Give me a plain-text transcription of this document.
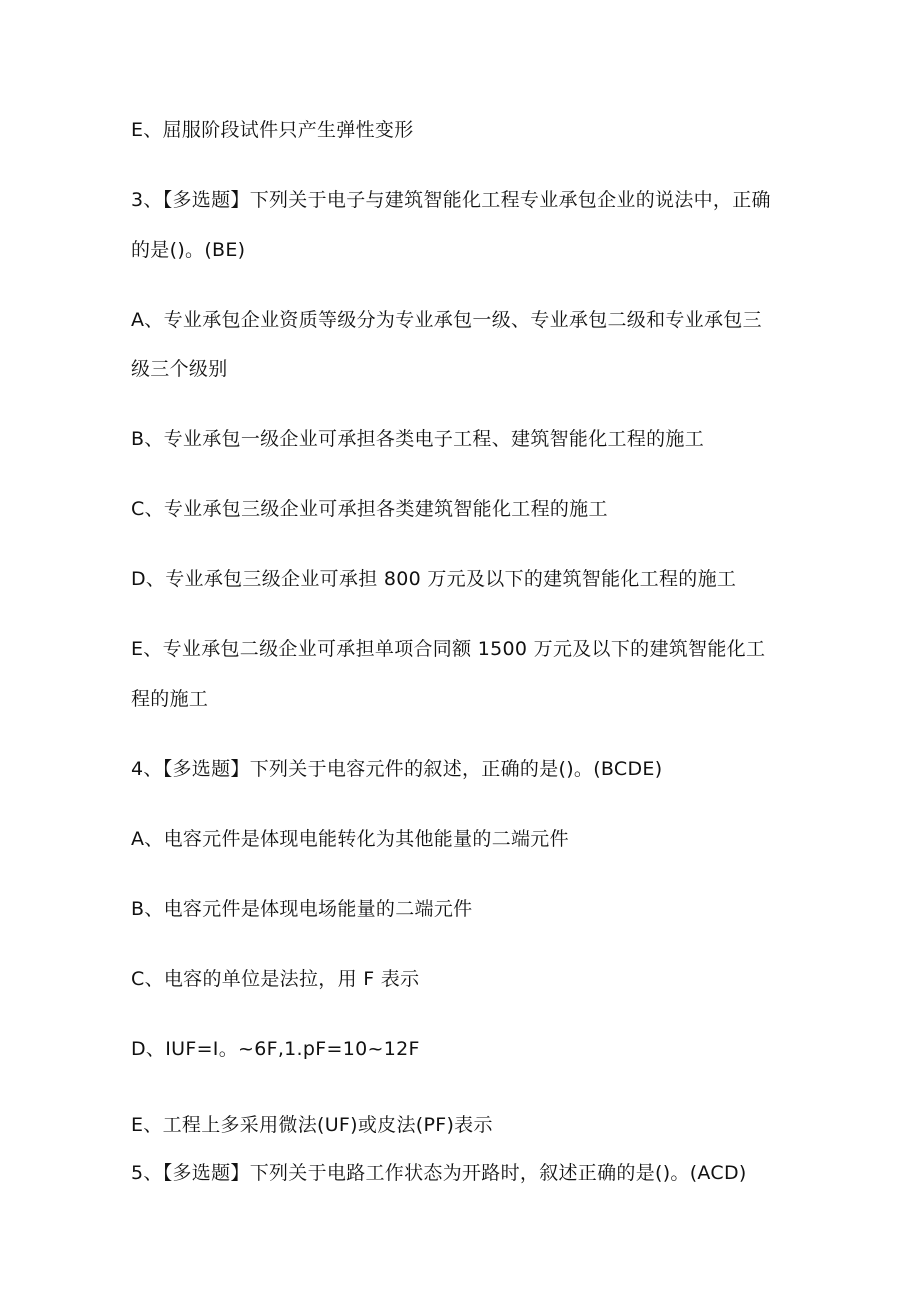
E、屈服阶段试件只产生弹性变形

3、【多选题】下列关于电子与建筑智能化工程专业承包企业的说法中，正确

的是()。(BE)

A、专业承包企业资质等级分为专业承包一级、专业承包二级和专业承包三

级三个级别

B、专业承包一级企业可承担各类电子工程、建筑智能化工程的施工

C、专业承包三级企业可承担各类建筑智能化工程的施工

D、专业承包三级企业可承担 800 万元及以下的建筑智能化工程的施工

E、专业承包二级企业可承担单项合同额 1500 万元及以下的建筑智能化工

程的施工

4、【多选题】下列关于电容元件的叙述，正确的是()。(BCDE)

A、电容元件是体现电能转化为其他能量的二端元件

B、电容元件是体现电场能量的二端元件

C、电容的单位是法拉，用 F 表示

D、IUF=I。~6F,1.pF=10~12F

E、工程上多采用微法(UF)或皮法(PF)表示

5、【多选题】下列关于电路工作状态为开路时，叙述正确的是()。(ACD)
